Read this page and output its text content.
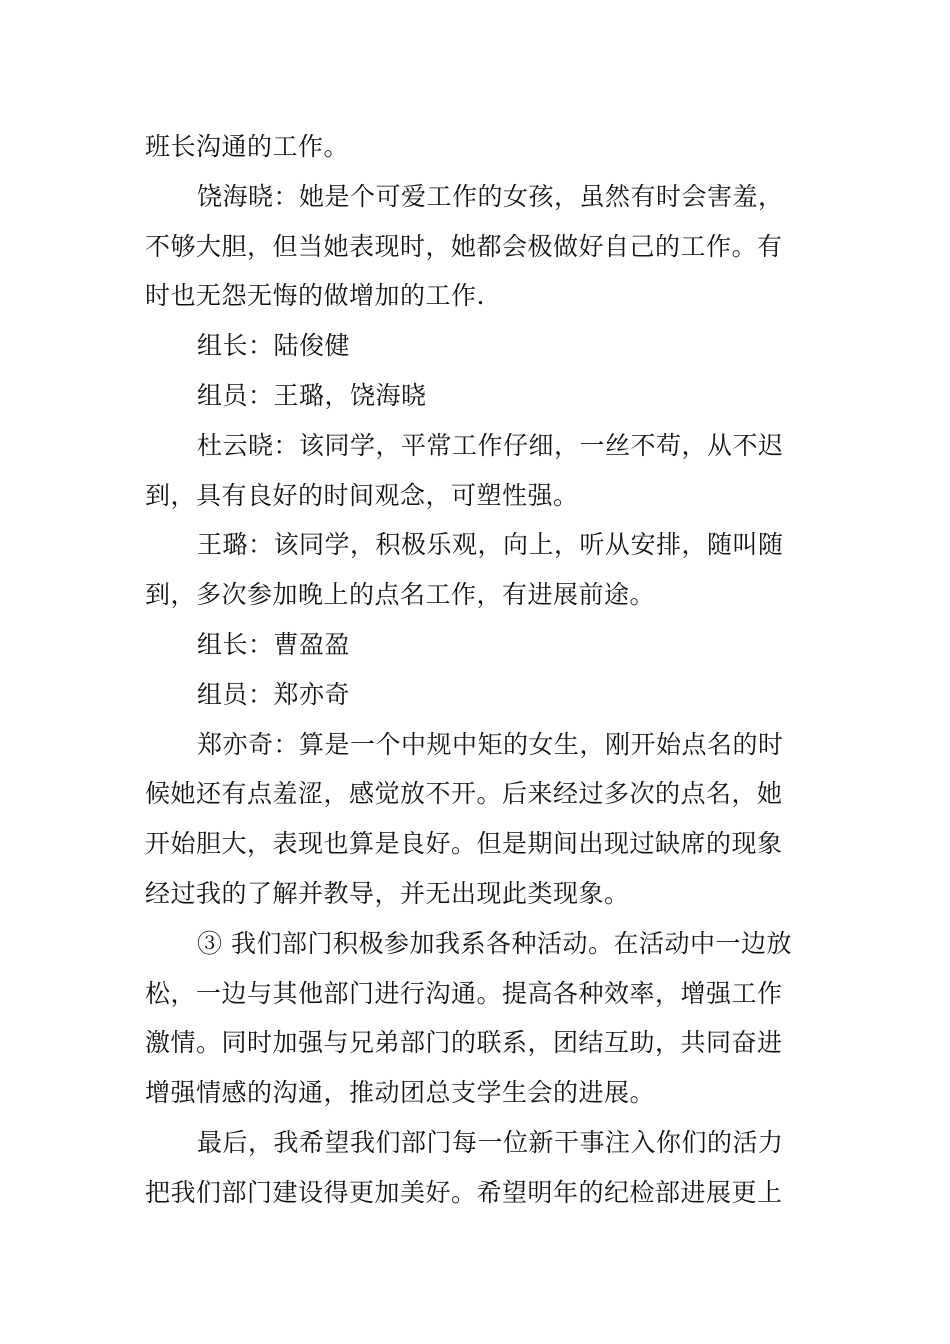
班长沟通的工作。
饶海晓：她是个可爱工作的女孩，虽然有时会害羞，
不够大胆，但当她表现时，她都会极做好自己的工作。有
时也无怨无悔的做增加的工作.
组长：陆俊健
组员：王璐，饶海晓
杜云晓：该同学，平常工作仔细，一丝不苟，从不迟
到，具有良好的时间观念，可塑性强。
王璐：该同学，积极乐观，向上，听从安排，随叫随
到，多次参加晚上的点名工作，有进展前途。
组长：曹盈盈
组员：郑亦奇
郑亦奇：算是一个中规中矩的女生，刚开始点名的时
候她还有点羞涩，感觉放不开。后来经过多次的点名，她
开始胆大，表现也算是良好。但是期间出现过缺席的现象
经过我的了解并教导，并无出现此类现象。
③ 我们部门积极参加我系各种活动。在活动中一边放
松，一边与其他部门进行沟通。提高各种效率，增强工作
激情。同时加强与兄弟部门的联系，团结互助，共同奋进
增强情感的沟通，推动团总支学生会的进展。
最后，我希望我们部门每一位新干事注入你们的活力
把我们部门建设得更加美好。希望明年的纪检部进展更上
